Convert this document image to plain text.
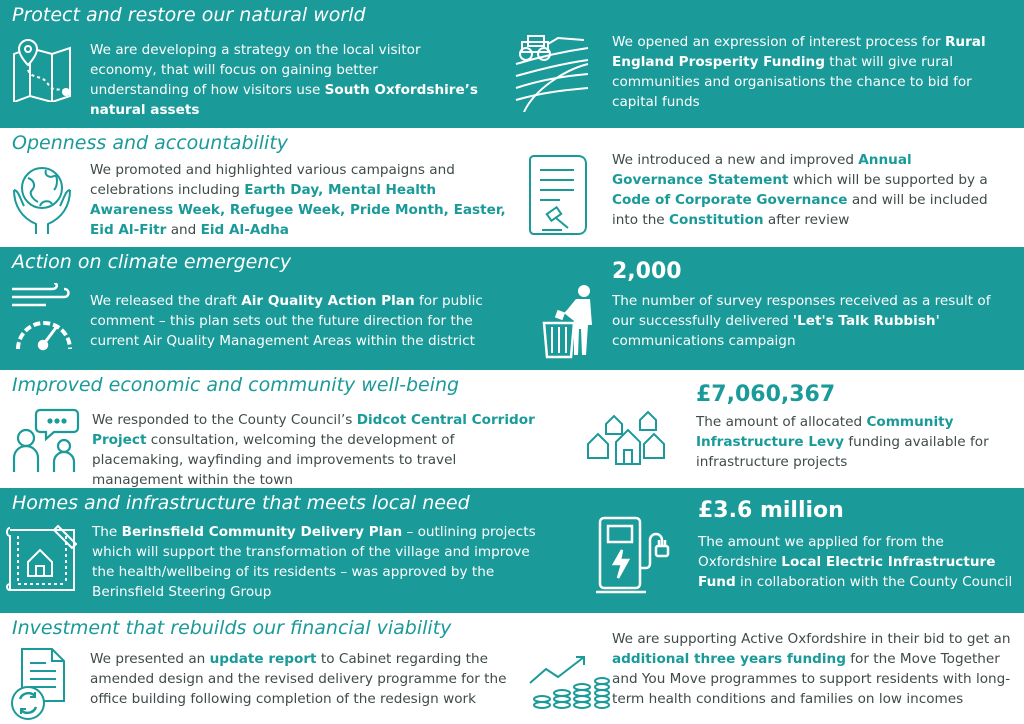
Protect and restore our natural world
We are developing a strategy on the local visitor economy, that will focus on gaining better understanding of how visitors use South Oxfordshire’s natural assets
We opened an expression of interest process for Rural England Prosperity Funding that will give rural communities and organisations the chance to bid for capital funds
Openness and accountability
We promoted and highlighted various campaigns and celebrations including Earth Day, Mental Health Awareness Week, Refugee Week, Pride Month, Easter, Eid Al-Fitr and Eid Al-Adha
We introduced a new and improved Annual Governance Statement which will be supported by a Code of Corporate Governance and will be included into the Constitution after review
Action on climate emergency
We released the draft Air Quality Action Plan for public comment – this plan sets out the future direction for the current Air Quality Management Areas within the district
2,000
The number of survey responses received as a result of our successfully delivered 'Let's Talk Rubbish' communications campaign
Improved economic and community well-being
We responded to the County Council’s Didcot Central Corridor Project consultation, welcoming the development of placemaking, wayfinding and improvements to travel management within the town
£7,060,367
The amount of allocated Community Infrastructure Levy funding available for infrastructure projects
Homes and infrastructure that meets local need
The Berinsfield Community Delivery Plan – outlining projects which will support the transformation of the village and improve the health/wellbeing of its residents – was approved by the Berinsfield Steering Group
£3.6 million
The amount we applied for from the Oxfordshire Local Electric Infrastructure Fund in collaboration with the County Council
Investment that rebuilds our financial viability
We presented an update report to Cabinet regarding the amended design and the revised delivery programme for the office building following completion of the redesign work
We are supporting Active Oxfordshire in their bid to get an additional three years funding for the Move Together and You Move programmes to support residents with long-term health conditions and families on low incomes
